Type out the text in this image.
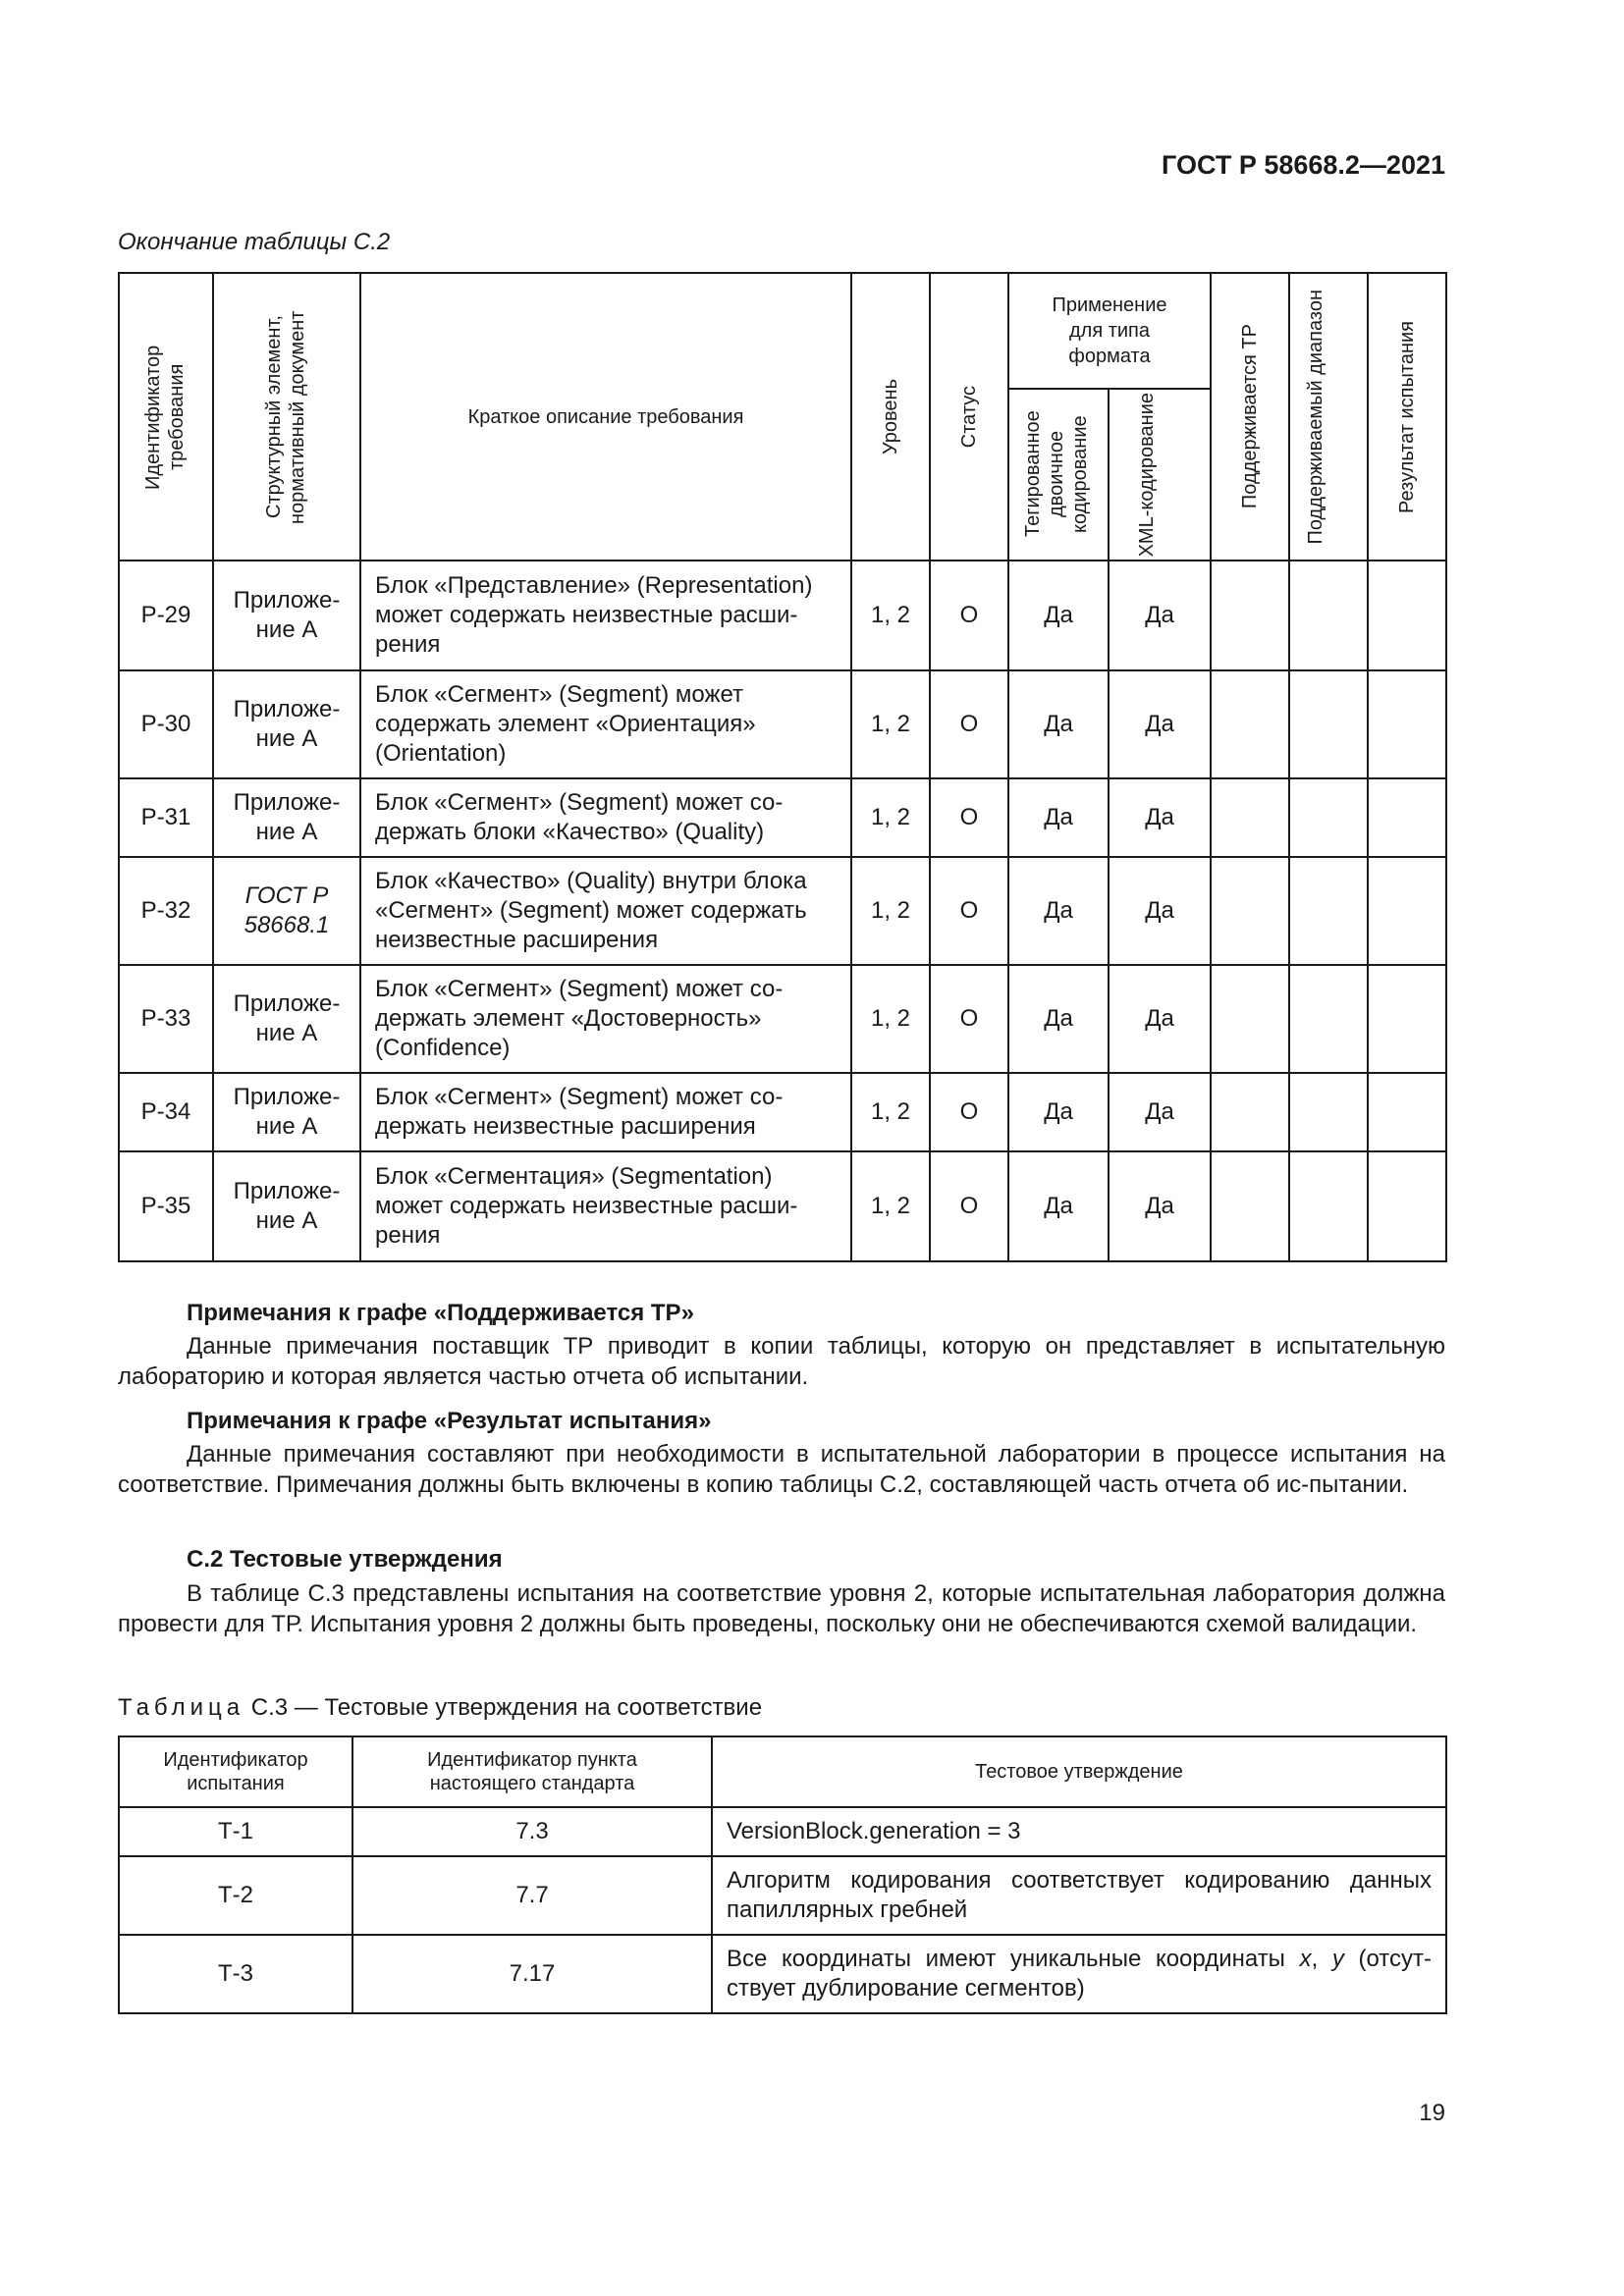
ГОСТ Р 58668.2—2021
Окончание таблицы С.2
Идентификатор требования	Структурный элемент, нормативный документ	Краткое описание требования	Уровень	Статус	Применение для типа формата		Поддерживается ТР	Поддерживаемый диапазон	Результат испытания

					Тегированное двоичное кодирование	XML-кодирование			

Р-29	Приложе-ние А	Блок «Представление» (Representation) может содержать неизвестные расши-рения	1, 2	О	Да	Да			
Р-30	Приложе-ние А	Блок «Сегмент» (Segment) может содержать элемент «Ориентация» (Orientation)	1, 2	О	Да	Да			
Р-31	Приложе-ние А	Блок «Сегмент» (Segment) может со-держать блоки «Качество» (Quality)	1, 2	О	Да	Да			
Р-32	ГОСТ Р 58668.1	Блок «Качество» (Quality) внутри блока «Сегмент» (Segment) может содержать неизвестные расширения	1, 2	О	Да	Да			
Р-33	Приложе-ние А	Блок «Сегмент» (Segment) может со-держать элемент «Достоверность» (Confidence)	1, 2	О	Да	Да			
Р-34	Приложе-ние А	Блок «Сегмент» (Segment) может со-держать неизвестные расширения	1, 2	О	Да	Да			
Р-35	Приложе-ние А	Блок «Сегментация» (Segmentation) может содержать неизвестные расши-рения	1, 2	О	Да	Да			
Примечания к графе «Поддерживается ТР»
Данные примечания поставщик ТР приводит в копии таблицы, которую он представляет в испытательную лабораторию и которая является частью отчета об испытании.
Примечания к графе «Результат испытания»
Данные примечания составляют при необходимости в испытательной лаборатории в процессе испытания на соответствие. Примечания должны быть включены в копию таблицы С.2, составляющей часть отчета об ис-пытании.
С.2 Тестовые утверждения
В таблице С.3 представлены испытания на соответствие уровня 2, которые испытательная лаборатория должна провести для ТР. Испытания уровня 2 должны быть проведены, поскольку они не обеспечиваются схемой валидации.
Таблица С.3 — Тестовые утверждения на соответствие
Идентификатор испытания	Идентификатор пункта настоящего стандарта	Тестовое утверждение
Т-1	7.3	VersionBlock.generation = 3
Т-2	7.7	Алгоритм кодирования соответствует кодированию данных папиллярных гребней
Т-3	7.17	Все координаты имеют уникальные координаты x, y (отсут-ствует дублирование сегментов)
19
